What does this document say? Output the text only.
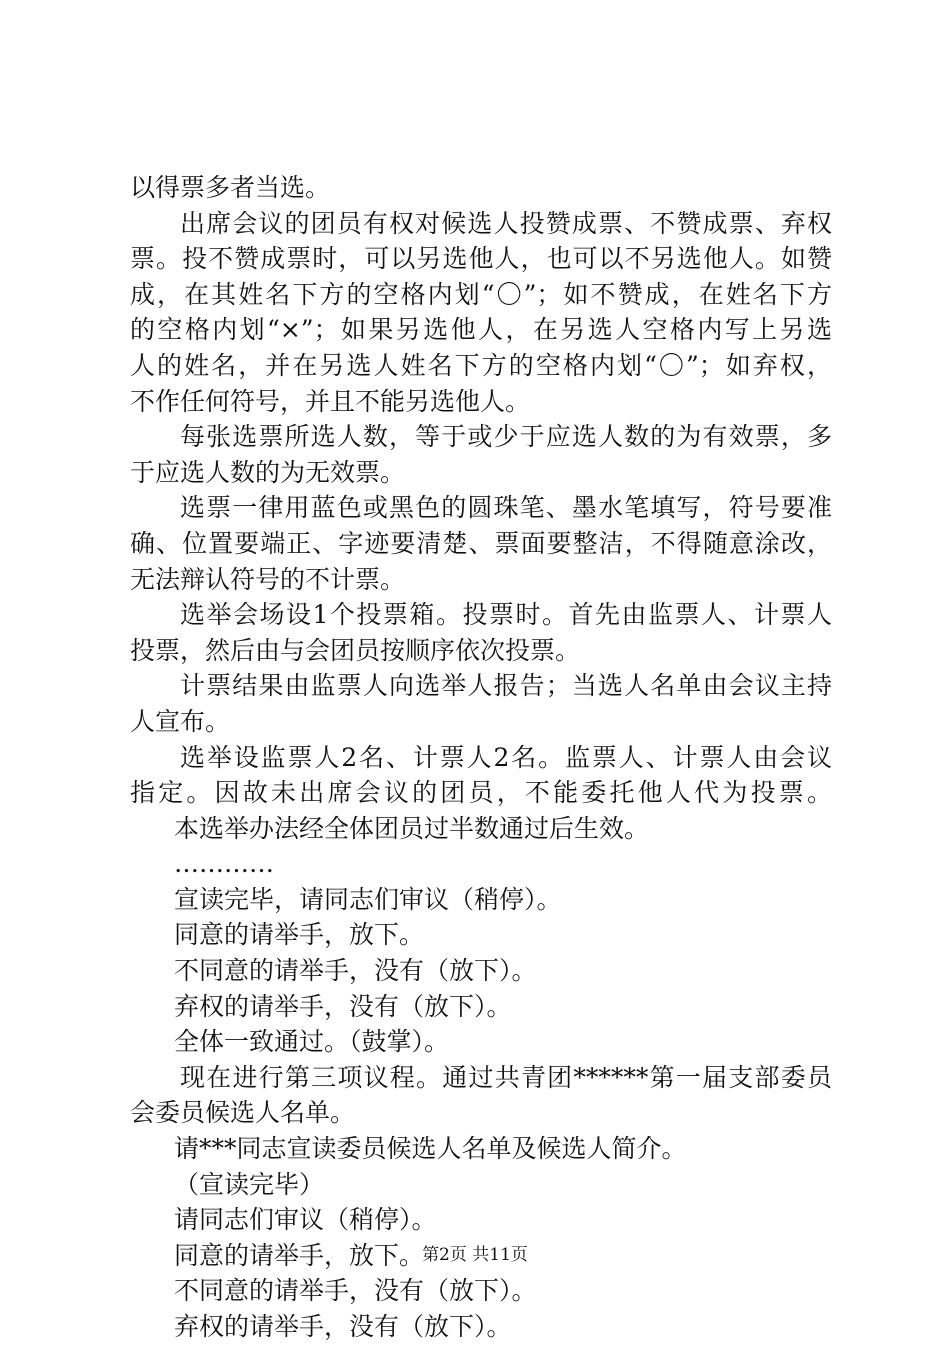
以得票多者当选。
出席会议的团员有权对候选人投赞成票、不赞成票、弃权
票。投不赞成票时，可以另选他人，也可以不另选他人。如赞
成，在其姓名下方的空格内划“〇”；如不赞成，在姓名下方
的空格内划“×”；如果另选他人，在另选人空格内写上另选
人的姓名，并在另选人姓名下方的空格内划“〇”；如弃权，
不作任何符号，并且不能另选他人。
每张选票所选人数，等于或少于应选人数的为有效票，多
于应选人数的为无效票。
选票一律用蓝色或黑色的圆珠笔、墨水笔填写，符号要准
确、位置要端正、字迹要清楚、票面要整洁，不得随意涂改，
无法辩认符号的不计票。
选举会场设1个投票箱。投票时。首先由监票人、计票人
投票，然后由与会团员按顺序依次投票。
计票结果由监票人向选举人报告；当选人名单由会议主持
人宣布。
选举设监票人2名、计票人2名。监票人、计票人由会议
指定。因故未出席会议的团员，不能委托他人代为投票。
本选举办法经全体团员过半数通过后生效。
…………
宣读完毕，请同志们审议（稍停）。
同意的请举手，放下。
不同意的请举手，没有（放下）。
弃权的请举手，没有（放下）。
全体一致通过。（鼓掌）。
现在进行第三项议程。通过共青团******第一届支部委员
会委员候选人名单。
请***同志宣读委员候选人名单及候选人简介。
（宣读完毕）
请同志们审议（稍停）。
同意的请举手，放下。
不同意的请举手，没有（放下）。
弃权的请举手，没有（放下）。
第2页 共11页
